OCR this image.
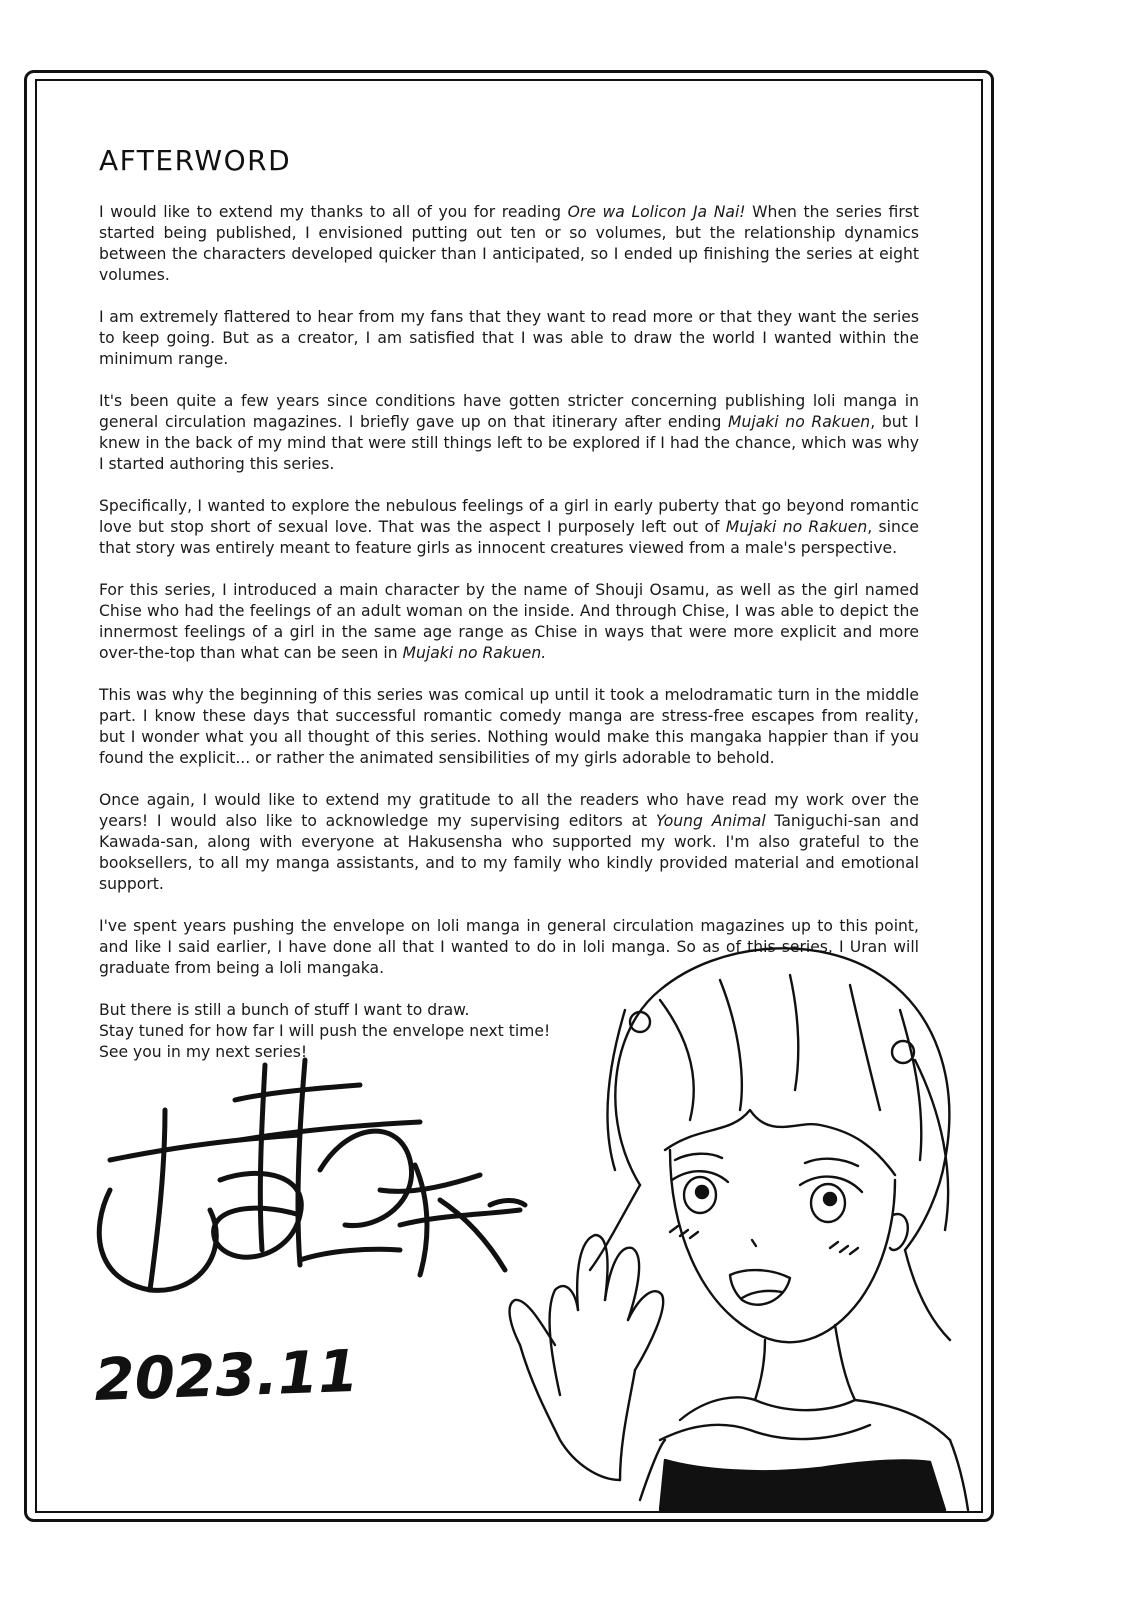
AFTERWORD

I would like to extend my thanks to all of you for reading Ore wa Lolicon Ja Nai! When the series first started being published, I envisioned putting out ten or so volumes, but the relationship dynamics between the characters developed quicker than I anticipated, so I ended up finishing the series at eight volumes.

I am extremely flattered to hear from my fans that they want to read more or that they want the series to keep going. But as a creator, I am satisfied that I was able to draw the world I wanted within the minimum range.

It's been quite a few years since conditions have gotten stricter concerning publishing loli manga in general circulation magazines. I briefly gave up on that itinerary after ending Mujaki no Rakuen, but I knew in the back of my mind that were still things left to be explored if I had the chance, which was why I started authoring this series.

Specifically, I wanted to explore the nebulous feelings of a girl in early puberty that go beyond romantic love but stop short of sexual love. That was the aspect I purposely left out of Mujaki no Rakuen, since that story was entirely meant to feature girls as innocent creatures viewed from a male's perspective.

For this series, I introduced a main character by the name of Shouji Osamu, as well as the girl named Chise who had the feelings of an adult woman on the inside. And through Chise, I was able to depict the innermost feelings of a girl in the same age range as Chise in ways that were more explicit and more over-the-top than what can be seen in Mujaki no Rakuen.

This was why the beginning of this series was comical up until it took a melodramatic turn in the middle part. I know these days that successful romantic comedy manga are stress-free escapes from reality, but I wonder what you all thought of this series. Nothing would make this mangaka happier than if you found the explicit... or rather the animated sensibilities of my girls adorable to behold.

Once again, I would like to extend my gratitude to all the readers who have read my work over the years! I would also like to acknowledge my supervising editors at Young Animal Taniguchi-san and Kawada-san, along with everyone at Hakusensha who supported my work. I'm also grateful to the booksellers, to all my manga assistants, and to my family who kindly provided material and emotional support.

I've spent years pushing the envelope on loli manga in general circulation magazines up to this point, and like I said earlier, I have done all that I wanted to do in loli manga. So as of this series, I Uran will graduate from being a loli mangaka.

But there is still a bunch of stuff I want to draw.
Stay tuned for how far I will push the envelope next time!
See you in my next series!

2023.11
